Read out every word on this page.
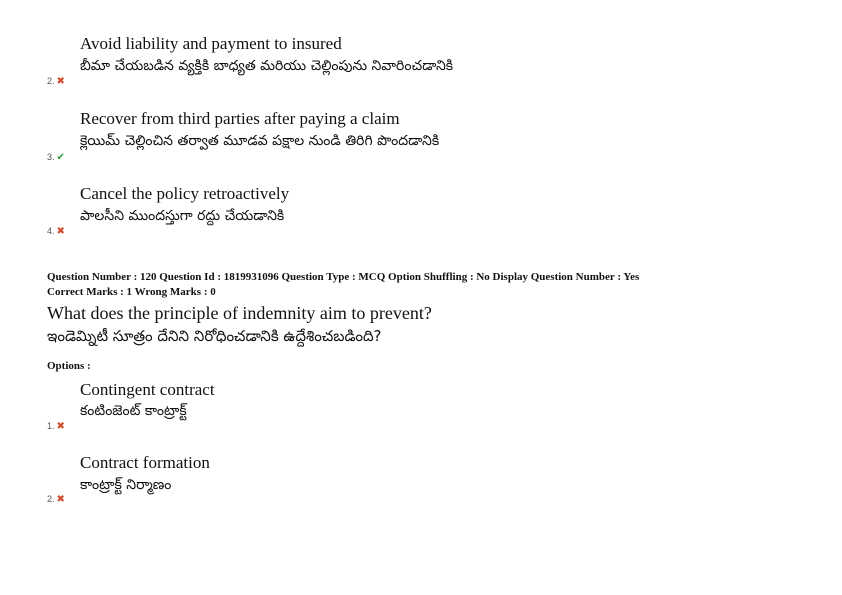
Avoid liability and payment to insured
బీమా చేయబడిన వ్యక్తికి బాధ్యత మరియు చెల్లింపును నివారించడానికి
2. ✖
Recover from third parties after paying a claim
క్లెయిమ్ చెల్లించిన తర్వాత మూడవ పక్షాల నుండి తిరిగి పొందడానికి
3. ✔
Cancel the policy retroactively
పాలసీని ముందస్తుగా రద్దు చేయడానికి
4. ✖
Question Number : 120 Question Id : 1819931096 Question Type : MCQ Option Shuffling : No Display Question Number : Yes
Correct Marks : 1 Wrong Marks : 0
What does the principle of indemnity aim to prevent?
ఇండెమ్నిటీ సూత్రం దేనిని నిరోధించడానికి ఉద్దేశించబడింది?
Options :
Contingent contract
కంటింజెంట్ కాంట్రాక్ట్
1. ✖
Contract formation
కాంట్రాక్ట్ నిర్మాణం
2. ✖
